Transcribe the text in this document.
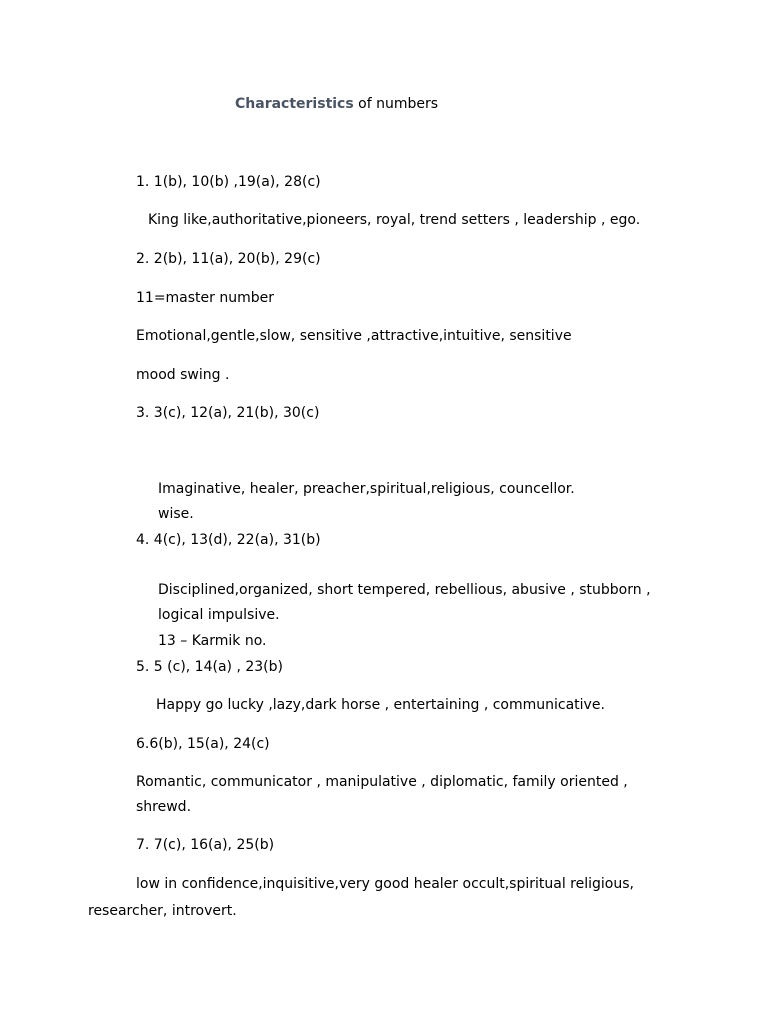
Characteristics of numbers
1. 1(b), 10(b) ,19(a), 28(c)
King like,authoritative,pioneers, royal, trend setters , leadership , ego.
2. 2(b), 11(a), 20(b), 29(c)
11=master number
Emotional,gentle,slow, sensitive ,attractive,intuitive, sensitive
mood swing .
3. 3(c), 12(a), 21(b), 30(c)
Imaginative, healer, preacher,spiritual,religious, councellor.
wise.
4. 4(c), 13(d), 22(a), 31(b)
Disciplined,organized, short tempered, rebellious, abusive , stubborn ,
logical impulsive.
13 – Karmik no.
5. 5 (c), 14(a) , 23(b)
Happy go lucky ,lazy,dark horse , entertaining , communicative.
6.6(b), 15(a), 24(c)
Romantic, communicator , manipulative , diplomatic, family oriented ,
shrewd.
7. 7(c), 16(a), 25(b)
low in confidence,inquisitive,very good healer occult,spiritual religious,
researcher, introvert.
